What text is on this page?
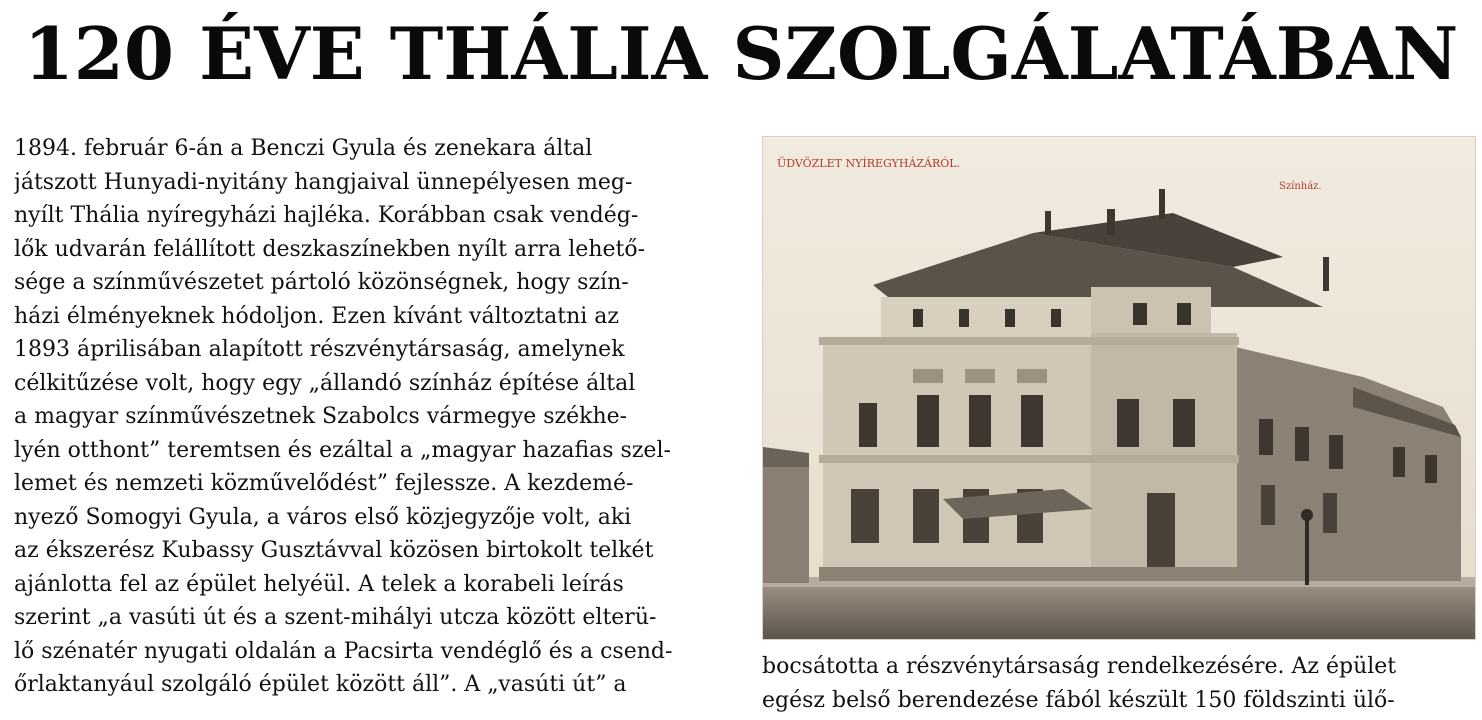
120 ÉVE THÁLIA SZOLGÁLATÁBAN
1894. február 6-án a Benczi Gyula és zenekara által
játszott Hunyadi-nyitány hangjaival ünnepélyesen meg-
nyílt Thália nyíregyházi hajléka. Korábban csak vendég-
lők udvarán felállított deszkaszínekben nyílt arra lehető-
sége a színművészetet pártoló közönségnek, hogy szín-
házi élményeknek hódoljon. Ezen kívánt változtatni az
1893 áprilisában alapított részvénytársaság, amelynek
célkitűzése volt, hogy egy „állandó színház építése által
a magyar színművészetnek Szabolcs vármegye székhe-
lyén otthont” teremtsen és ezáltal a „magyar hazafias szel-
lemet és nemzeti közművelődést” fejlessze. A kezdemé-
nyező Somogyi Gyula, a város első közjegyzője volt, aki
az ékszerész Kubassy Gusztávval közösen birtokolt telkét
ajánlotta fel az épület helyéül. A telek a korabeli leírás
szerint „a vasúti út és a szent-mihályi utcza között elterü-
lő szénatér nyugati oldalán a Pacsirta vendéglő és a csend-
őrlaktanyául szolgáló épület között áll”. A „vasúti út” a
ÜDVÖZLET NYÍREGYHÁZÁRÓL.
Színház.
bocsátotta a részvénytársaság rendelkezésére. Az épület
egész belső berendezése fából készült 150 földszinti ülő-
